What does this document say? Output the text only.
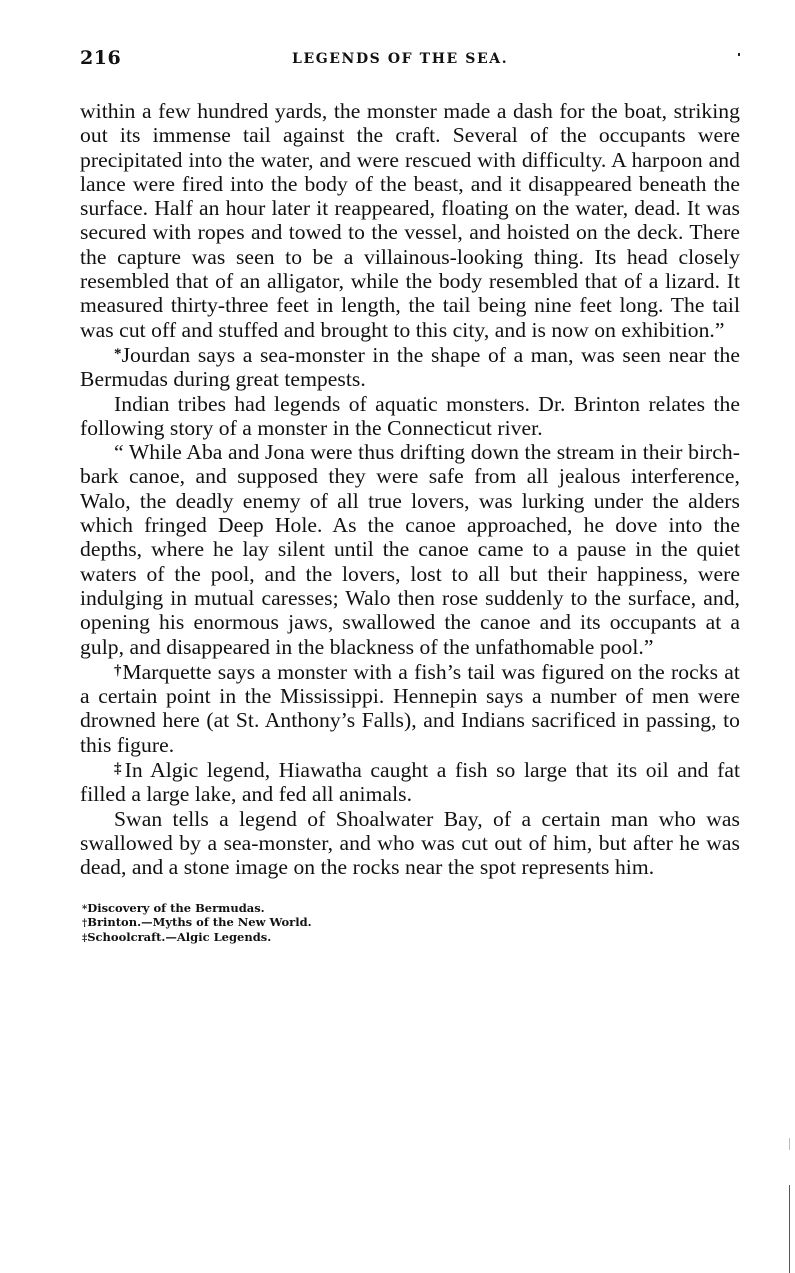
216	LEGENDS OF THE SEA.

within a few hundred yards, the monster made a dash for the boat, striking out its immense tail against the craft. Several of the occupants were precipitated into the water, and were rescued with difficulty. A harpoon and lance were fired into the body of the beast, and it disappeared beneath the surface. Half an hour later it reappeared, floating on the water, dead. It was secured with ropes and towed to the vessel, and hoisted on the deck. There the capture was seen to be a villainous-looking thing. Its head closely resembled that of an alligator, while the body resembled that of a lizard. It measured thirty-three feet in length, the tail being nine feet long. The tail was cut off and stuffed and brought to this city, and is now on exhibition.”

*Jourdan says a sea-monster in the shape of a man, was seen near the Bermudas during great tempests.

Indian tribes had legends of aquatic monsters. Dr. Brinton relates the following story of a monster in the Connecticut river.

“ While Aba and Jona were thus drifting down the stream in their birch-bark canoe, and supposed they were safe from all jealous interference, Walo, the deadly enemy of all true lovers, was lurking under the alders which fringed Deep Hole. As the canoe approached, he dove into the depths, where he lay silent until the canoe came to a pause in the quiet waters of the pool, and the lovers, lost to all but their happiness, were indulging in mutual caresses; Walo then rose suddenly to the surface, and, opening his enormous jaws, swallowed the canoe and its occupants at a gulp, and disappeared in the blackness of the unfathomable pool.”

†Marquette says a monster with a fish’s tail was figured on the rocks at a certain point in the Mississippi. Hennepin says a number of men were drowned here (at St. Anthony’s Falls), and Indians sacrificed in passing, to this figure.

‡In Algic legend, Hiawatha caught a fish so large that its oil and fat filled a large lake, and fed all animals.

Swan tells a legend of Shoalwater Bay, of a certain man who was swallowed by a sea-monster, and who was cut out of him, but after he was dead, and a stone image on the rocks near the spot represents him.

*Discovery of the Bermudas.
†Brinton.—Myths of the New World.
‡Schoolcraft.—Algic Legends.
